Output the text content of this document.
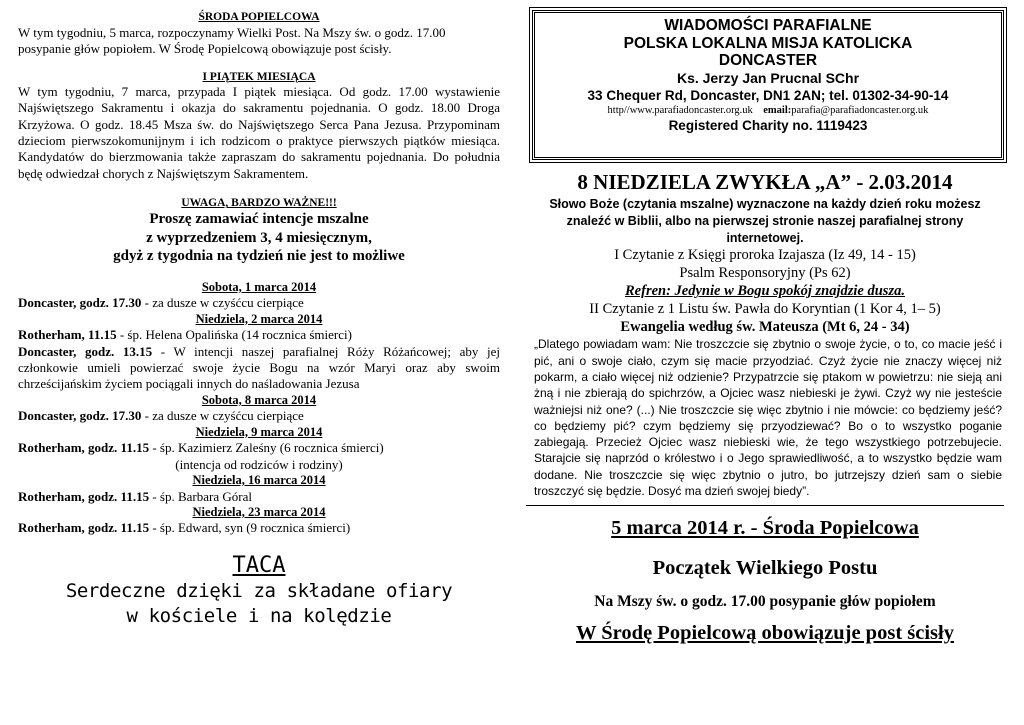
ŚRODA POPIELCOWA

W tym tygodniu, 5 marca, rozpoczynamy Wielki Post. Na Mszy św. o godz. 17.00 posypanie głów popiołem. W Środę Popielcową obowiązuje post ścisły.

I PIĄTEK MIESIĄCA

W tym tygodniu, 7 marca, przypada I piątek miesiąca. Od godz. 17.00 wystawienie Najświętszego Sakramentu i okazja do sakramentu pojednania. O godz. 18.00 Droga Krzyżowa. O godz. 18.45 Msza św. do Najświętszego Serca Pana Jezusa. Przypominam dzieciom pierwszokomunijnym i ich rodzicom o praktyce pierwszych piątków miesiąca. Kandydatów do bierzmowania także zapraszam do sakramentu pojednania. Do południa będę odwiedzał chorych z Najświętszym Sakramentem.

UWAGA, BARDZO WAŻNE!!!

Proszę zamawiać intencje mszalne

z wyprzedzeniem 3, 4 miesięcznym,

gdyż z tygodnia na tydzień nie jest to możliwe

Sobota, 1 marca 2014

Doncaster, godz. 17.30 - za dusze w czyśćcu cierpiące

Niedziela, 2 marca 2014

Rotherham, 11.15 - śp. Helena Opalińska (14 rocznica śmierci)

Doncaster, godz. 13.15 - W intencji naszej parafialnej Róży Różańcowej; aby jej członkowie umieli powierzać swoje życie Bogu na wzór Maryi oraz aby swoim chrześcijańskim życiem pociągali innych do naśladowania Jezusa

Sobota, 8 marca 2014

Doncaster, godz. 17.30 - za dusze w czyśćcu cierpiące

Niedziela, 9 marca 2014

Rotherham, godz. 11.15 - śp. Kazimierz Zaleśny (6 rocznica śmierci)

(intencja od rodziców i rodziny)

Niedziela, 16 marca 2014

Rotherham, godz. 11.15 - śp. Barbara Góral

Niedziela, 23 marca 2014

Rotherham, godz. 11.15 - śp. Edward, syn (9 rocznica śmierci)

TACA

Serdeczne dzięki za składane ofiary

w kościele i na kolędzie

WIADOMOŚCI PARAFIALNE

POLSKA LOKALNA MISJA KATOLICKA

DONCASTER

Ks. Jerzy Jan Prucnal SChr

33 Chequer Rd, Doncaster, DN1 2AN; tel. 01302-34-90-14

http//www.parafiadoncaster.org.uk email:parafia@parafiadoncaster.org.uk

Registered Charity no. 1119423

8 NIEDZIELA ZWYKŁA „A” - 2.03.2014

Słowo Boże (czytania mszalne) wyznaczone na każdy dzień roku możesz znaleźć w Biblii, albo na pierwszej stronie naszej parafialnej strony internetowej.

I Czytanie z Księgi proroka Izajasza (Iz 49, 14 - 15)

Psalm Responsoryjny (Ps 62)

Refren: Jedynie w Bogu spokój znajdzie dusza.

II Czytanie z 1 Listu św. Pawła do Koryntian (1 Kor 4, 1– 5)

Ewangelia według św. Mateusza (Mt 6, 24 - 34)

„Dlatego powiadam wam: Nie troszczcie się zbytnio o swoje życie, o to, co macie jeść i pić, ani o swoje ciało, czym się macie przyodziać. Czyż życie nie znaczy więcej niż pokarm, a ciało więcej niż odzienie? Przypatrzcie się ptakom w powietrzu: nie sieją ani żną i nie zbierają do spichrzów, a Ojciec wasz niebieski je żywi. Czyż wy nie jesteście ważniejsi niż one? (...) Nie troszczcie się więc zbytnio i nie mówcie: co będziemy jeść? co będziemy pić? czym będziemy się przyodziewać? Bo o to wszystko poganie zabiegają. Przecież Ojciec wasz niebieski wie, że tego wszystkiego potrzebujecie. Starajcie się naprzód o królestwo i o Jego sprawiedliwość, a to wszystko będzie wam dodane. Nie troszczcie się więc zbytnio o jutro, bo jutrzejszy dzień sam o siebie troszczyć się będzie. Dosyć ma dzień swojej biedy”.

5 marca 2014 r. - Środa Popielcowa

Początek Wielkiego Postu

Na Mszy św. o godz. 17.00 posypanie głów popiołem

W Środę Popielcową obowiązuje post ścisły
